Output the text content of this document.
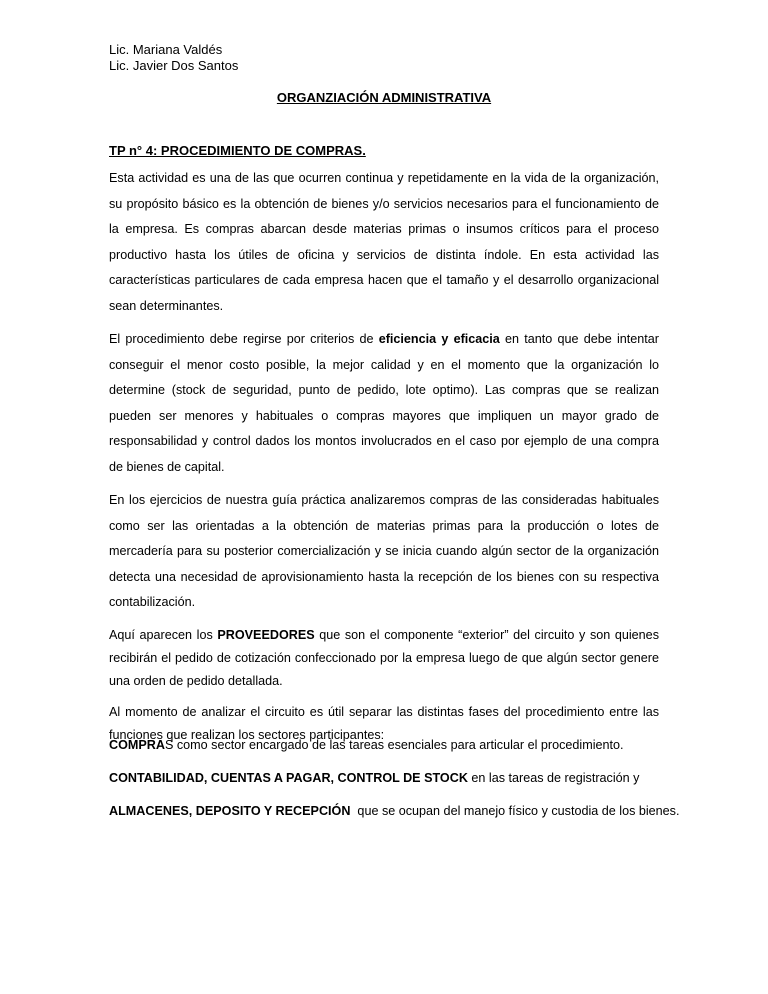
Lic. Mariana Valdés
Lic. Javier Dos Santos
ORGANZIACIÓN ADMINISTRATIVA
TP n° 4: PROCEDIMIENTO DE COMPRAS.

Esta actividad es una de las que ocurren continua y repetidamente en la vida de la organización, su propósito básico es la obtención de bienes y/o servicios necesarios para el funcionamiento de la empresa. Es compras abarcan desde materias primas o insumos críticos para el proceso productivo hasta los útiles de oficina y servicios de distinta índole. En esta actividad las características particulares de cada empresa hacen que el tamaño y el desarrollo organizacional sean determinantes.

El procedimiento debe regirse por criterios de eficiencia y eficacia en tanto que debe intentar conseguir el menor costo posible, la mejor calidad y en el momento que la organización lo determine (stock de seguridad, punto de pedido, lote optimo). Las compras que se realizan pueden ser menores y habituales o compras mayores que impliquen un mayor grado de responsabilidad y control dados los montos involucrados en el caso por ejemplo de una compra de bienes de capital.

En los ejercicios de nuestra guía práctica analizaremos compras de las consideradas habituales como ser las orientadas a la obtención de materias primas para la producción o lotes de mercadería para su posterior comercialización y se inicia cuando algún sector de la organización detecta una necesidad de aprovisionamiento hasta la recepción de los bienes con su respectiva contabilización.

Aquí aparecen los PROVEEDORES que son el componente “exterior” del circuito y son quienes recibirán el pedido de cotización confeccionado por la empresa luego de que algún sector genere una orden de pedido detallada.

Al momento de analizar el circuito es útil separar las distintas fases del procedimiento entre las funciones que realizan los sectores participantes:

COMPRAS como sector encargado de las tareas esenciales para articular el procedimiento.

CONTABILIDAD, CUENTAS A PAGAR, CONTROL DE STOCK en las tareas de registración y

ALMACENES, DEPOSITO Y RECEPCIÓN  que se ocupan del manejo físico y custodia de los bienes.
